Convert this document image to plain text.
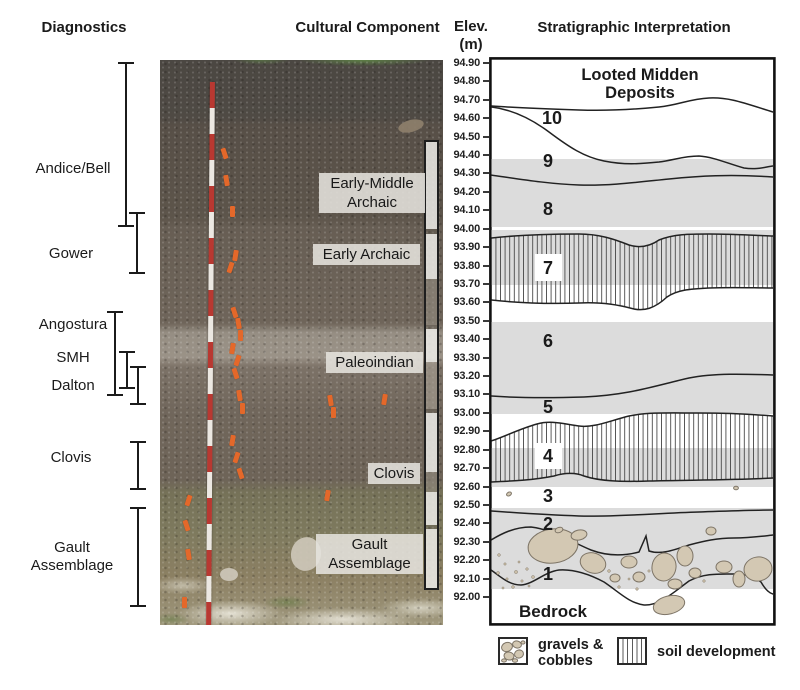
Diagnostics	Cultural Component Elev.
(m)
Stratigraphic Interpretation
Andice/Bell
Gower
Angostura
SMH
Dalton
Clovis
Gault
Assemblage
Early-Middle
Archaic
Early Archaic
Paleoindian
Clovis
Gault
Assemblage
94.90
94.80
94.70
94.60
94.50
94.40
94.30
94.20
94.10
94.00
93.90
93.80
93.70
93.60
93.50
93.40
93.30
93.20
93.10
93.00
92.90
92.80
92.70
92.60
92.50
92.40
92.30
92.20
92.10
92.00
Looted Midden
Deposits
10
9
8
7
6
5
4
3
2
1
Bedrock
gravels &
cobbles
soil development
